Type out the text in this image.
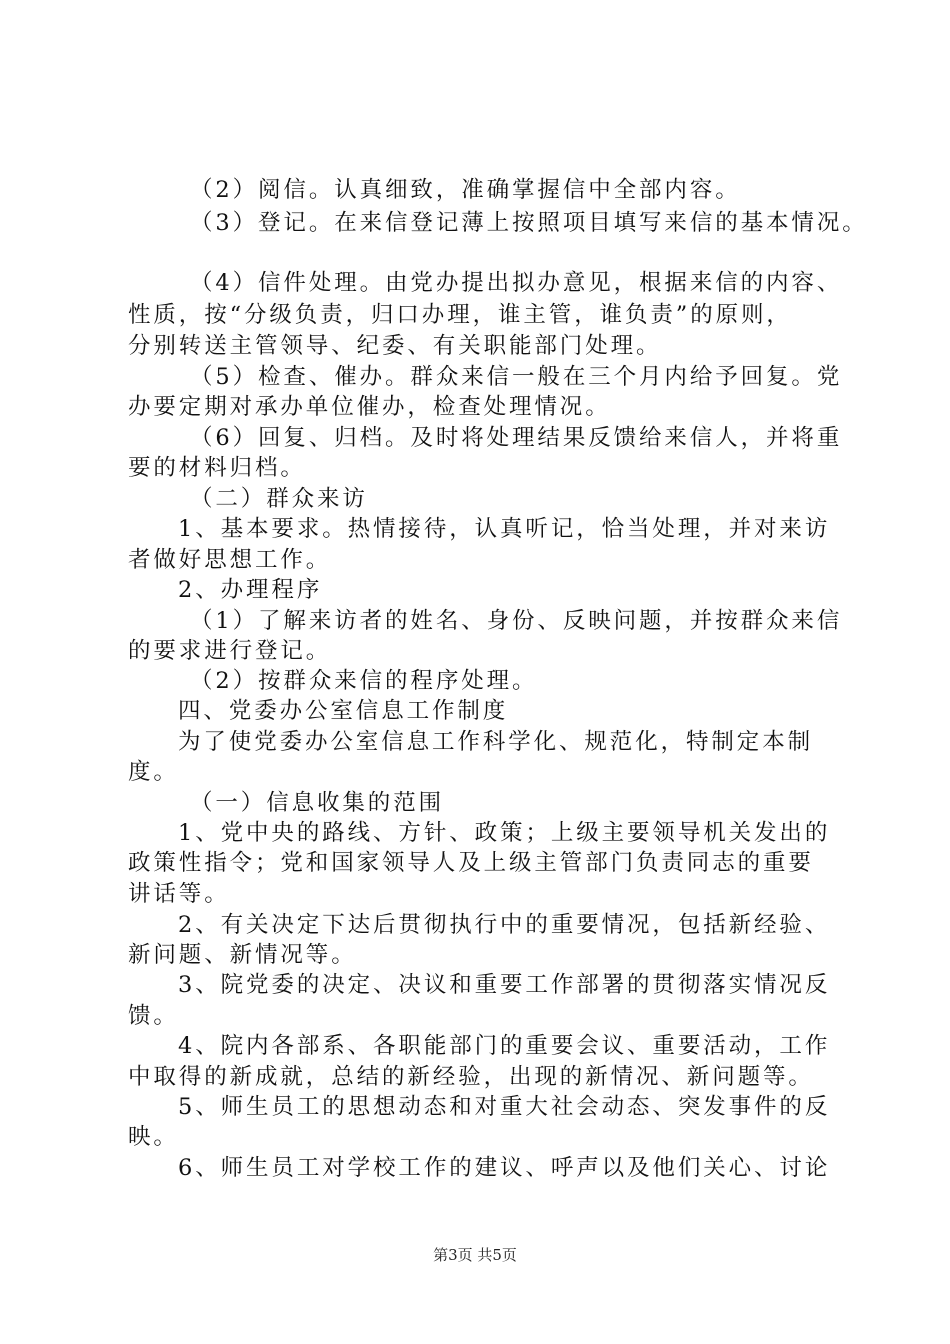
（2）阅信。认真细致，准确掌握信中全部内容。
（3）登记。在来信登记薄上按照项目填写来信的基本情况。
（4）信件处理。由党办提出拟办意见，根据来信的内容、
性质，按“分级负责，归口办理，谁主管，谁负责”的原则，
分别转送主管领导、纪委、有关职能部门处理。
（5）检查、催办。群众来信一般在三个月内给予回复。党
办要定期对承办单位催办，检查处理情况。
（6）回复、归档。及时将处理结果反馈给来信人，并将重
要的材料归档。
（二）群众来访
1、基本要求。热情接待，认真听记，恰当处理，并对来访
者做好思想工作。
2、办理程序
（1）了解来访者的姓名、身份、反映问题，并按群众来信
的要求进行登记。
（2）按群众来信的程序处理。
四、党委办公室信息工作制度
为了使党委办公室信息工作科学化、规范化，特制定本制
度。
（一）信息收集的范围
1、党中央的路线、方针、政策；上级主要领导机关发出的
政策性指令；党和国家领导人及上级主管部门负责同志的重要
讲话等。
2、有关决定下达后贯彻执行中的重要情况，包括新经验、
新问题、新情况等。
3、院党委的决定、决议和重要工作部署的贯彻落实情况反
馈。
4、院内各部系、各职能部门的重要会议、重要活动，工作
中取得的新成就，总结的新经验，出现的新情况、新问题等。
5、师生员工的思想动态和对重大社会动态、突发事件的反
映。
6、师生员工对学校工作的建议、呼声以及他们关心、讨论
第3页 共5页
